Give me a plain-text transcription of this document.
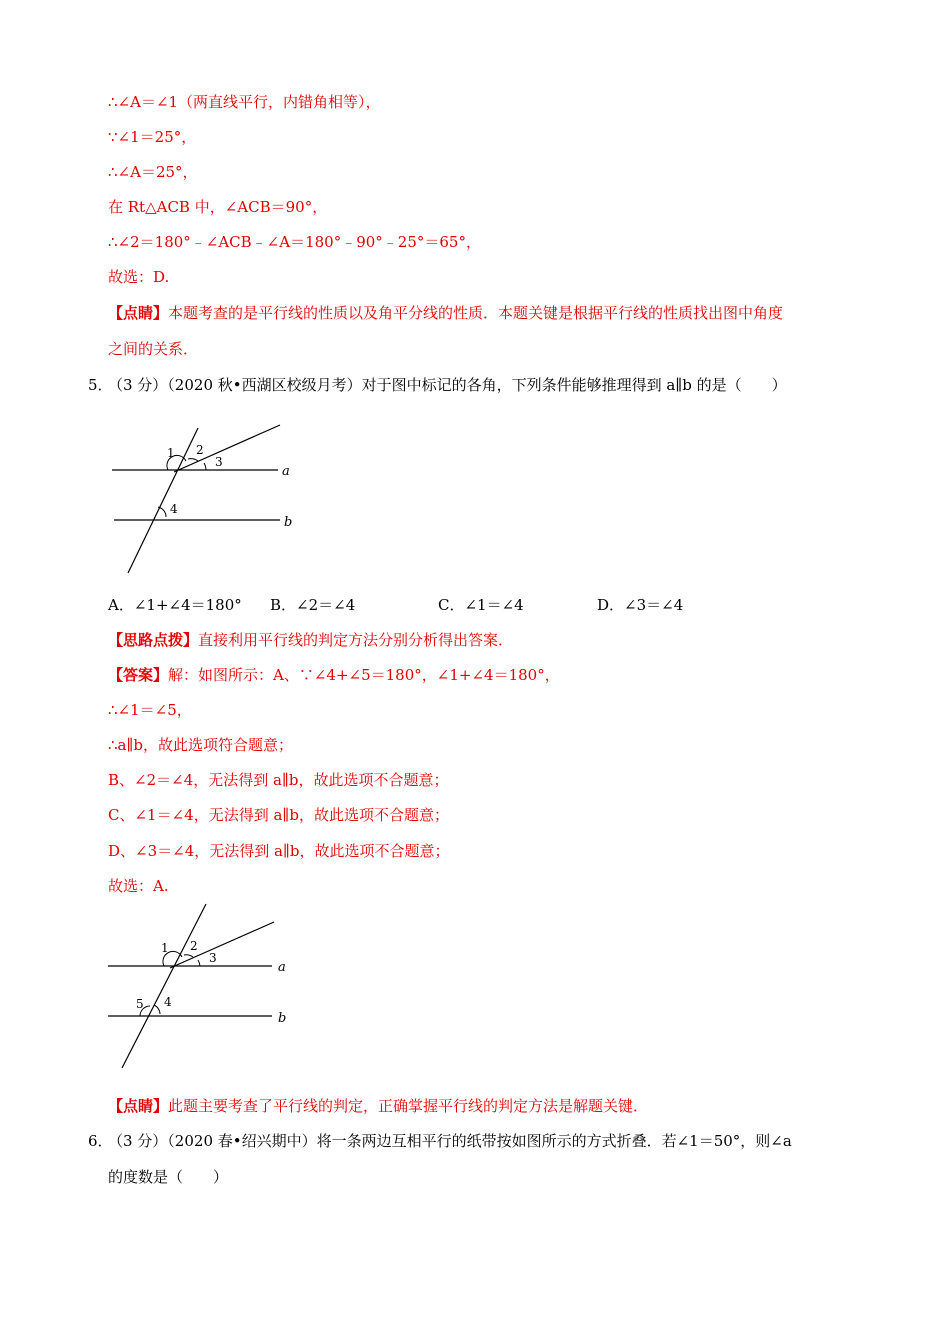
∴∠A＝∠1（两直线平行，内错角相等），
∵∠1＝25°，
∴∠A＝25°，
在 Rt△ACB 中，∠ACB＝90°，
∴∠2＝180°﹣∠ACB﹣∠A＝180°﹣90°﹣25°＝65°，
故选：D.
【点睛】本题考查的是平行线的性质以及角平分线的性质．本题关键是根据平行线的性质找出图中角度
之间的关系．
5．
（3 分）（2020 秋•西湖区校级月考）对于图中标记的各角，下列条件能够推理得到 a∥b 的是（　　）
1 2
3
4
a
b
A．∠1+∠4＝180° B．∠2＝∠4	C．∠1＝∠4	D．∠3＝∠4
【思路点拨】直接利用平行线的判定方法分别分析得出答案．
【答案】解：如图所示：A、∵∠4+∠5＝180°，∠1+∠4＝180°，
∴∠1＝∠5，
∴a∥b，故此选项符合题意；
B、∠2＝∠4，无法得到 a∥b，故此选项不合题意；
C、∠1＝∠4，无法得到 a∥b，故此选项不合题意；
D、∠3＝∠4，无法得到 a∥b，故此选项不合题意；
故选：A.
1 2
3
5 4
a
b
【点睛】此题主要考查了平行线的判定，正确掌握平行线的判定方法是解题关键．
6．
（3 分）（2020 春•绍兴期中）将一条两边互相平行的纸带按如图所示的方式折叠．若∠1＝50°，则∠a
的度数是（　　）
